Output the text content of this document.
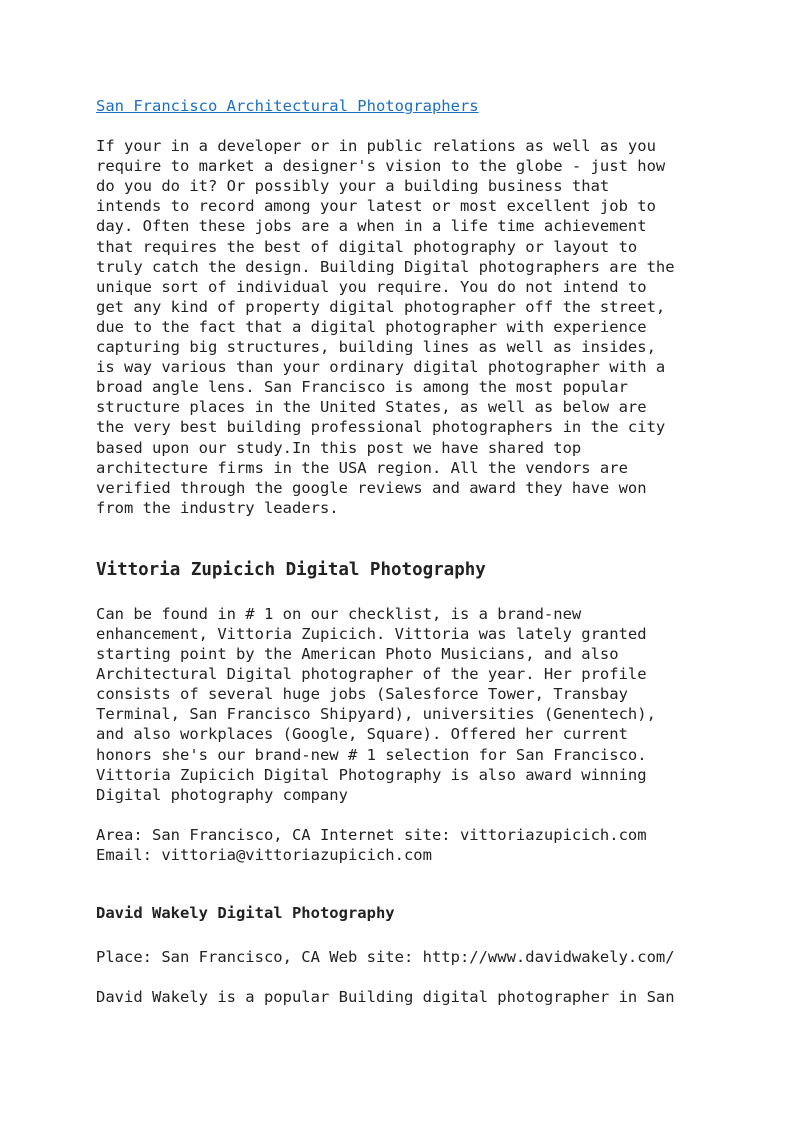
San Francisco Architectural Photographers
If your in a developer or in public relations as well as you
require to market a designer's vision to the globe - just how
do you do it? Or possibly your a building business that
intends to record among your latest or most excellent job to
day. Often these jobs are a when in a life time achievement
that requires the best of digital photography or layout to
truly catch the design. Building Digital photographers are the
unique sort of individual you require. You do not intend to
get any kind of property digital photographer off the street,
due to the fact that a digital photographer with experience
capturing big structures, building lines as well as insides,
is way various than your ordinary digital photographer with a
broad angle lens. San Francisco is among the most popular
structure places in the United States, as well as below are
the very best building professional photographers in the city
based upon our study.In this post we have shared top
architecture firms in the USA region. All the vendors are
verified through the google reviews and award they have won
from the industry leaders.
Vittoria Zupicich Digital Photography
Can be found in # 1 on our checklist, is a brand-new
enhancement, Vittoria Zupicich. Vittoria was lately granted
starting point by the American Photo Musicians, and also
Architectural Digital photographer of the year. Her profile
consists of several huge jobs (Salesforce Tower, Transbay
Terminal, San Francisco Shipyard), universities (Genentech),
and also workplaces (Google, Square). Offered her current
honors she's our brand-new # 1 selection for San Francisco.
Vittoria Zupicich Digital Photography is also award winning
Digital photography company
Area: San Francisco, CA Internet site: vittoriazupicich.com
Email: vittoria@vittoriazupicich.com
David Wakely Digital Photography
Place: San Francisco, CA Web site: http://www.davidwakely.com/
David Wakely is a popular Building digital photographer in San
